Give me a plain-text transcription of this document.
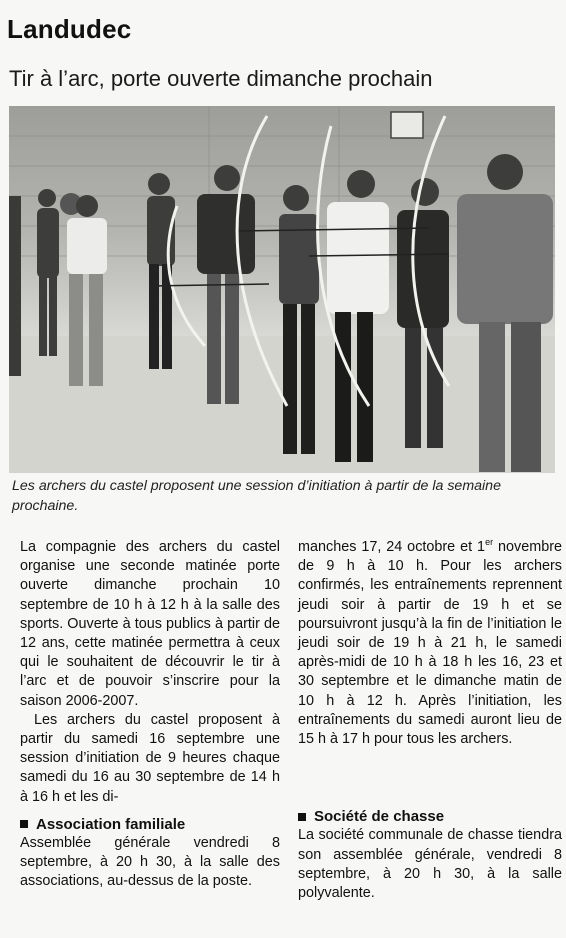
Landudec
Tir à l’arc, porte ouverte dimanche prochain
Les archers du castel proposent une session d’initiation à partir de la semaine prochaine.

La compagnie des archers du castel organise une seconde matinée porte ouverte dimanche prochain 10 septembre de 10 h à 12 h à la salle des sports. Ouverte à tous publics à partir de 12 ans, cette matinée permettra à ceux qui le souhaitent de découvrir le tir à l’arc et de pouvoir s’inscrire pour la saison 2006-2007.

Les archers du castel proposent à partir du samedi 16 septembre une session d’initiation de 9 heures chaque samedi du 16 au 30 septembre de 14 h à 16 h et les di-

Association familiale

Assemblée générale vendredi 8 septembre, à 20 h 30, à la salle des associations, au-dessus de la poste.

manches 17, 24 octobre et 1er novembre de 9 h à 10 h. Pour les archers confirmés, les entraînements reprennent jeudi soir à partir de 19 h et se poursuivront jusqu’à la fin de l’initiation le jeudi soir de 19 h à 21 h, le samedi après-midi de 10 h à 18 h les 16, 23 et 30 septembre et le dimanche matin de 10 h à 12 h. Après l’initiation, les entraînements du samedi auront lieu de 15 h à 17 h pour tous les archers.

Société de chasse

La société communale de chasse tiendra son assemblée générale, vendredi 8 septembre, à 20 h 30, à la salle polyvalente.
